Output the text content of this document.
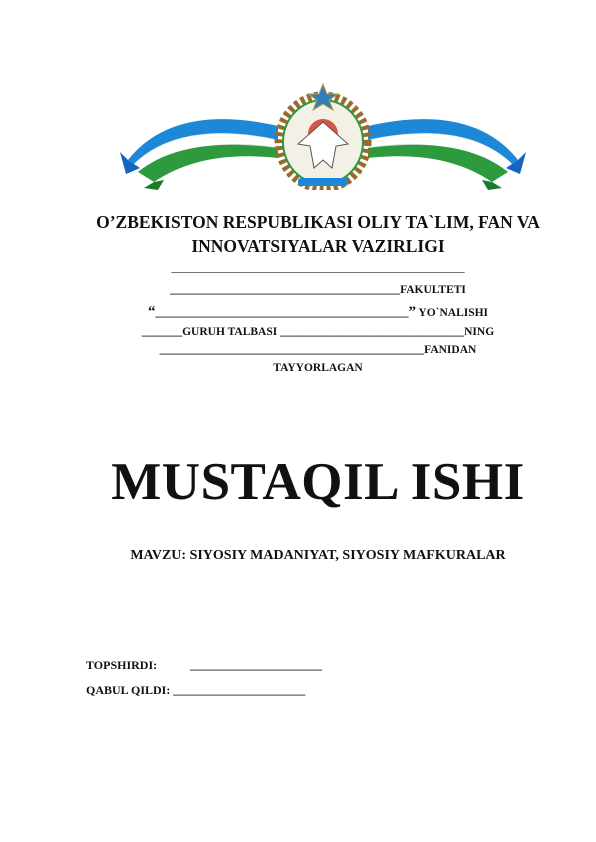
O’ZBEKISTON RESPUBLIKASI OLIY TA`LIM, FAN VA
INNOVATSIYALAR VAZIRLIGI
___________________________________________________
________________________________________FAKULTETI
“____________________________________________” YO`NALISHI
_______GURUH TALBASI ________________________________NING
______________________________________________FANIDAN
TAYYORLAGAN
MUSTAQIL ISHI
MAVZU: SIYOSIY MADANIYAT, SIYOSIY MAFKURALAR
TOPSHIRDI:	______________________
QABUL QILDI: ______________________
